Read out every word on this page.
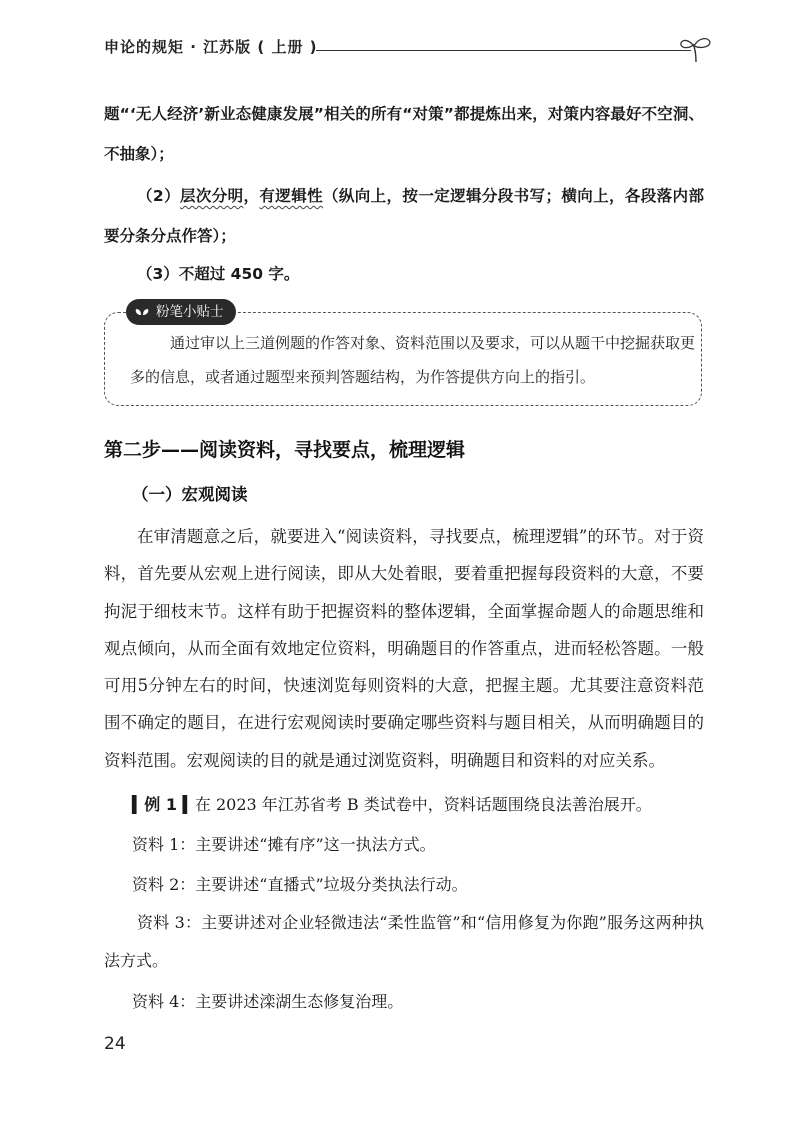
申论的规矩 · 江苏版 ( 上册 )

题“‘无人经济’新业态健康发展”相关的所有“对策”都提炼出来，对策内容最好不空洞、不抽象）；

（2）层次分明，有逻辑性（纵向上，按一定逻辑分段书写；横向上，各段落内部要分条分点作答）；

（3）不超过 450 字。

粉笔小贴士

通过审以上三道例题的作答对象、资料范围以及要求，可以从题干中挖掘获取更多的信息，或者通过题型来预判答题结构，为作答提供方向上的指引。

第二步——阅读资料，寻找要点，梳理逻辑
（一）宏观阅读

在审清题意之后，就要进入“阅读资料，寻找要点，梳理逻辑”的环节。对于资料，首先要从宏观上进行阅读，即从大处着眼，要着重把握每段资料的大意，不要拘泥于细枝末节。这样有助于把握资料的整体逻辑，全面掌握命题人的命题思维和观点倾向，从而全面有效地定位资料，明确题目的作答重点，进而轻松答题。一般可用5分钟左右的时间，快速浏览每则资料的大意，把握主题。尤其要注意资料范围不确定的题目，在进行宏观阅读时要确定哪些资料与题目相关，从而明确题目的资料范围。宏观阅读的目的就是通过浏览资料，明确题目和资料的对应关系。

▍例 1 ▍在 2023 年江苏省考 B 类试卷中，资料话题围绕良法善治展开。

资料 1：主要讲述“摊有序”这一执法方式。

资料 2：主要讲述“直播式”垃圾分类执法行动。

资料 3：主要讲述对企业轻微违法“柔性监管”和“信用修复为你跑”服务这两种执法方式。

资料 4：主要讲述滦湖生态修复治理。

24
